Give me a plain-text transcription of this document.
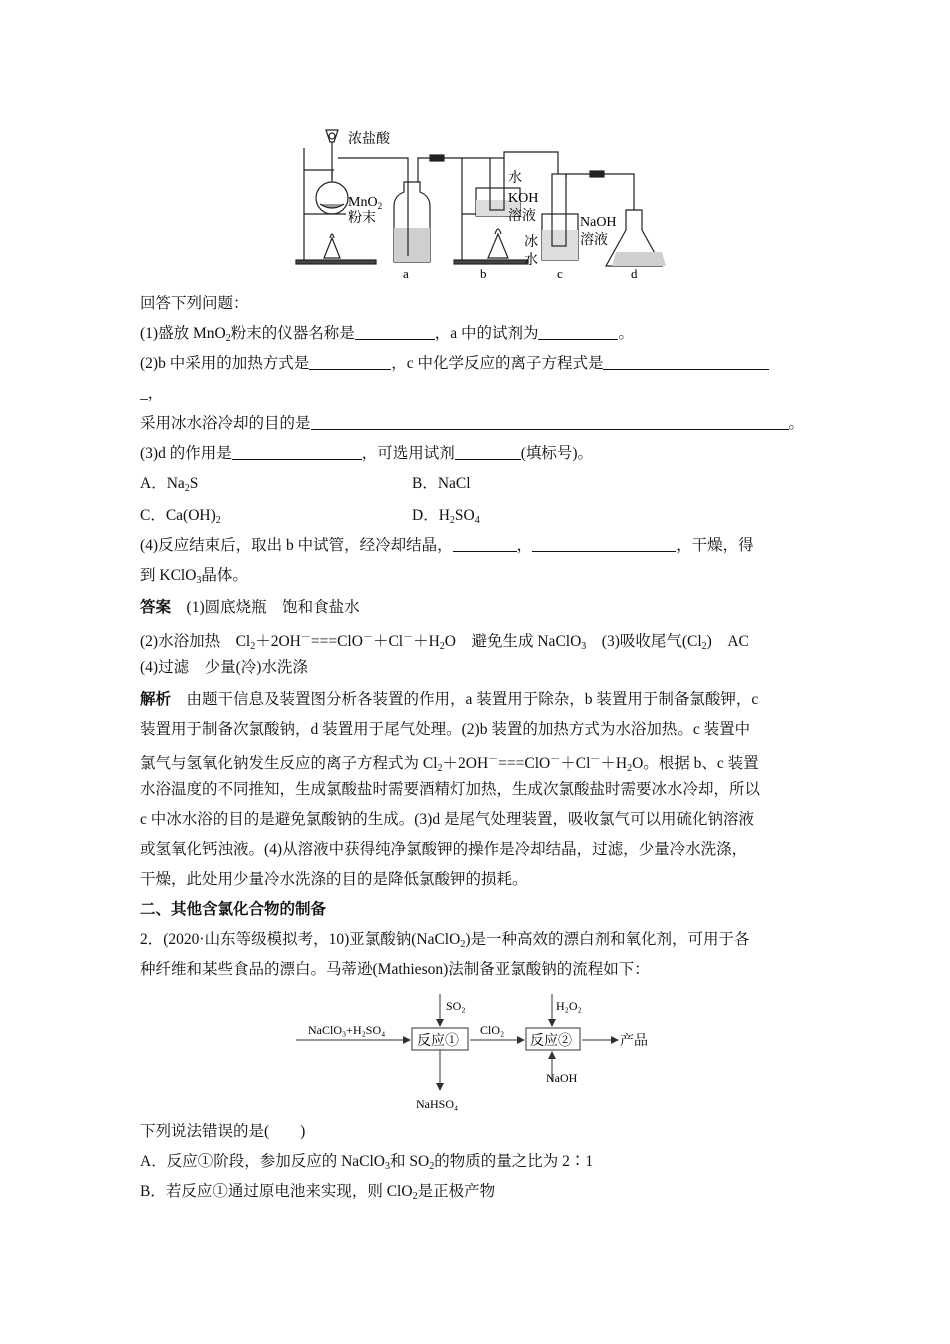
浓盐酸
MnO$_2$
粉末
水
KOH
溶液	NaOH
溶液
冰
水
a	b	c	d
回答下列问题：
(1)盛放 MnO$_2$粉末的仪器名称是	，a 中的试剂为	。
(2)b 中采用的加热方式是	，c 中化学反应的离子方程式是
_，
采用冰水浴冷却的目的是	。
(3)d 的作用是	，可选用试剂	(填标号)。
A．$Na_2S$	B．NaCl
C．$Ca(OH)_2$	D．$H_2SO_4$
(4)反应结束后，取出 b 中试管，经冷却结晶，	，	，干燥，得
到 KClO$_3$晶体。
答案　 (1)圆底烧瓶　饱和食盐水
(2)水浴加热　$Cl_2+2OH^-===ClO^-+Cl^-+H_2O$　避免生成 NaClO$_3$　(3)吸收尾气$(Cl_2)$　AC
(4)过滤　少量(冷)水洗涤
解析　 由题干信息及装置图分析各装置的作用，a 装置用于除杂，b 装置用于制备氯酸钾，c
装置用于制备次氯酸钠，d 装置用于尾气处理。(2)b 装置的加热方式为水浴加热。c 装置中
氯气与氢氧化钠发生反应的离子方程式为 $Cl_2+2OH^-===ClO^-+Cl^-+H_2O$。根据 b、c 装置
水浴温度的不同推知，生成氯酸盐时需要酒精灯加热，生成次氯酸盐时需要冰水冷却，所以
c 中冰水浴的目的是避免氯酸钠的生成。(3)d 是尾气处理装置，吸收氯气可以用硫化钠溶液
或氢氧化钙浊液。(4)从溶液中获得纯净氯酸钾的操作是冷却结晶，过滤，少量冷水洗涤，
干燥，此处用少量冷水洗涤的目的是降低氯酸钾的损耗。
二、其他含氯化合物的制备
2．(2020·山东等级模拟考，10)亚氯酸钠(NaClO$_2$)是一种高效的漂白剂和氧化剂，可用于各
种纤维和某些食品的漂白。马蒂逊(Mathieson)法制备亚氯酸钠的流程如下：
NaClO₃+H₂SO₄
SO₂
反应①
ClO₂
H₂O₂
反应②	产品
NaHSO₄
NaOH
下列说法错误的是(　　)
A．反应①阶段，参加反应的 NaClO$_3$和 $SO_2$的物质的量之比为 2∶1
B．若反应①通过原电池来实现，则 ClO$_2$是正极产物
